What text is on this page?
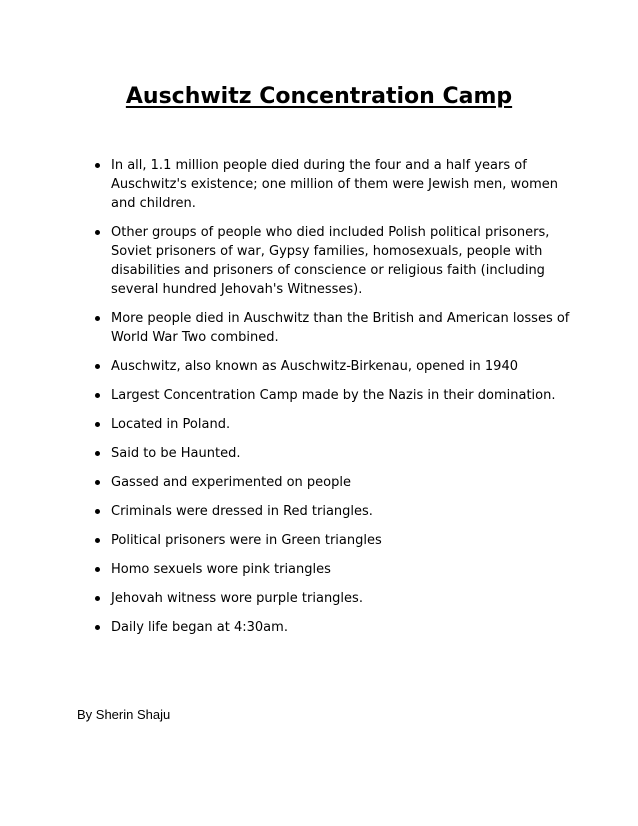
Auschwitz Concentration Camp
In all, 1.1 million people died during the four and a half years of Auschwitz's existence; one million of them were Jewish men, women and children.
Other groups of people who died included Polish political prisoners, Soviet prisoners of war, Gypsy families, homosexuals, people with disabilities and prisoners of conscience or religious faith (including several hundred Jehovah's Witnesses).
More people died in Auschwitz than the British and American losses of World War Two combined.
Auschwitz, also known as Auschwitz-Birkenau, opened in 1940
Largest Concentration Camp made by the Nazis in their domination.
Located in Poland.
Said to be Haunted.
Gassed and experimented on people
Criminals were dressed in Red triangles.
Political prisoners were in Green triangles
Homo sexuels wore pink triangles
Jehovah witness wore purple triangles.
Daily life began at 4:30am.
By Sherin Shaju
